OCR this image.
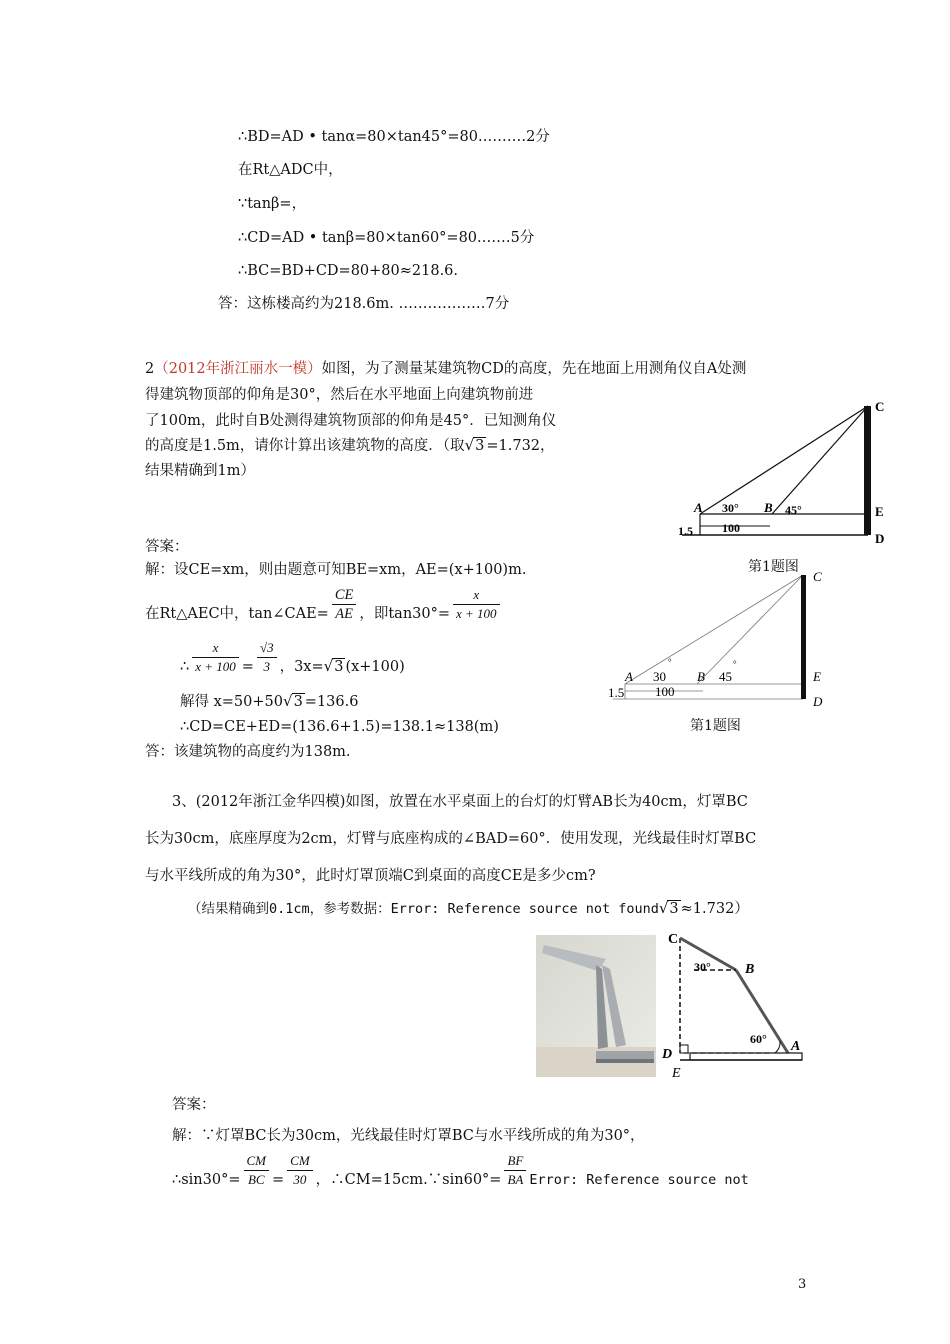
∴BD=AD • tanα=80×tan45°=80.………2分
在Rt△ADC中，
∵tanβ=，
∴CD=AD • tanβ=80×tan60°=80.……5分
∴BC=BD+CD=80+80≈218.6.
答：这栋楼高约为218.6m. ………………7分
2（2012年浙江丽水一模）如图，为了测量某建筑物CD的高度，先在地面上用测角仪自A处测
得建筑物顶部的仰角是30°，然后在水平地面上向建筑物前进
了100m，此时自B处测得建筑物顶部的仰角是45°．已知测角仪
的高度是1.5m，请你计算出该建筑物的高度．（取√3 =1.732，
结果精确到1m）
C
E
D
A	B
30°	45°
1.5 100
第1题图
答案：
解：设CE=xm，则由题意可知BE=xm，AE=(x+100)m.
在Rt△AEC中，tan∠CAE= $\frac{CE}{AE}$ ，即$\tan 30^\circ= \frac{x}{x + 100}$
∴ $\frac{x}{x + 100} = \frac{√3}{3}$ ，3x=√3 (x+100)
解得 x=50+50√3 =136.6
∴CD=CE+ED=(136.6+1.5)=138.1≈138(m)
答：该建筑物的高度约为138m.
C
E
D
A	B
30
°
45
°
1.5 100
第1题图
3、(2012年浙江金华四模)如图，放置在水平桌面上的台灯的灯臂AB长为40cm，灯罩BC
长为30cm，底座厚度为2cm，灯臂与底座构成的∠BAD=60°．使用发现，光线最佳时灯罩BC
与水平线所成的角为30°，此时灯罩顶端C到桌面的高度CE是多少cm?
（结果精确到0.1cm，参考数据：Error: Reference source not found√3 ≈1.732）
C
B
A
D
E
30°
60°
答案：
解：∵灯罩BC长为30cm，光线最佳时灯罩BC与水平线所成的角为30°，
∴sin30°= $\frac{CM}{BC} = \frac{CM}{30}$ ，∴CM=15cm.∵sin60°= $\frac{BF}{BA}$ Error: Reference source not
3
